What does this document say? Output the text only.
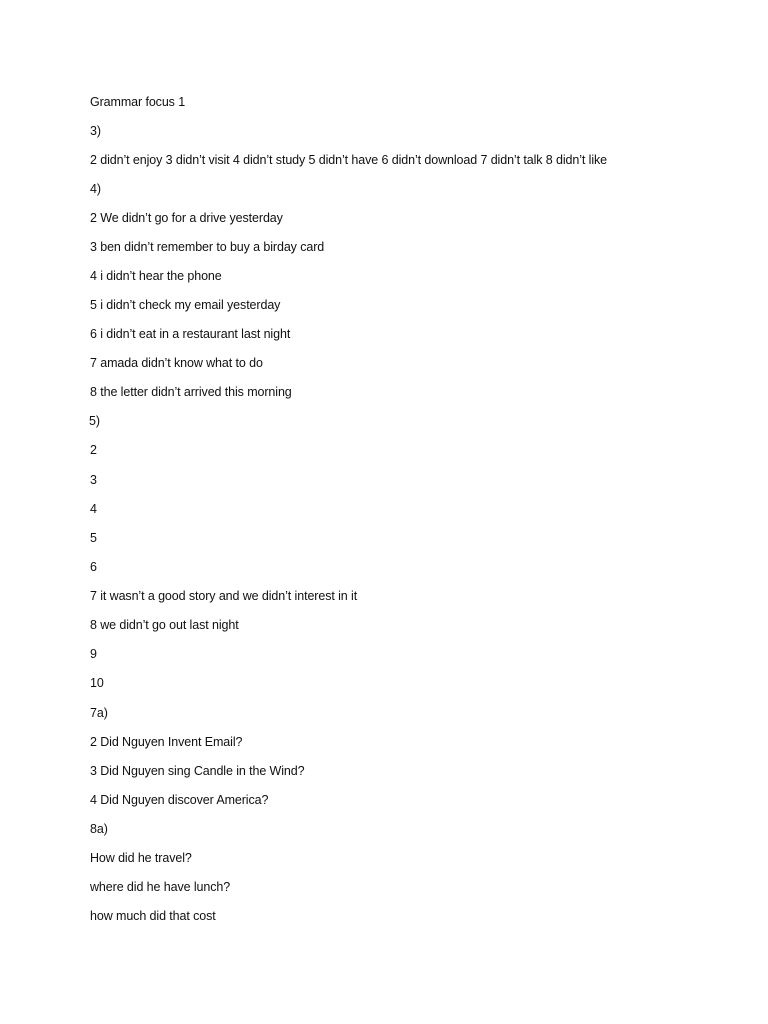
Grammar focus 1
3)
2 didn’t enjoy 3 didn’t visit 4 didn’t study 5 didn’t have 6 didn’t download 7 didn’t talk 8 didn’t like
4)
2 We didn’t go for a drive yesterday
3 ben didn’t remember to buy a birday card
4 i didn’t hear the phone
5 i didn’t check my email yesterday
6 i didn’t eat in a restaurant last night
7 amada didn’t know what to do
8 the letter didn’t arrived this morning
5)
2
3
4
5
6
7 it wasn’t a good story and we didn’t interest in it
8 we didn’t go out last night
9
10
7a)
2 Did Nguyen Invent Email?
3 Did Nguyen sing Candle in the Wind?
4 Did Nguyen discover America?
8a)
How did he travel?
where did he have lunch?
how much did that cost
